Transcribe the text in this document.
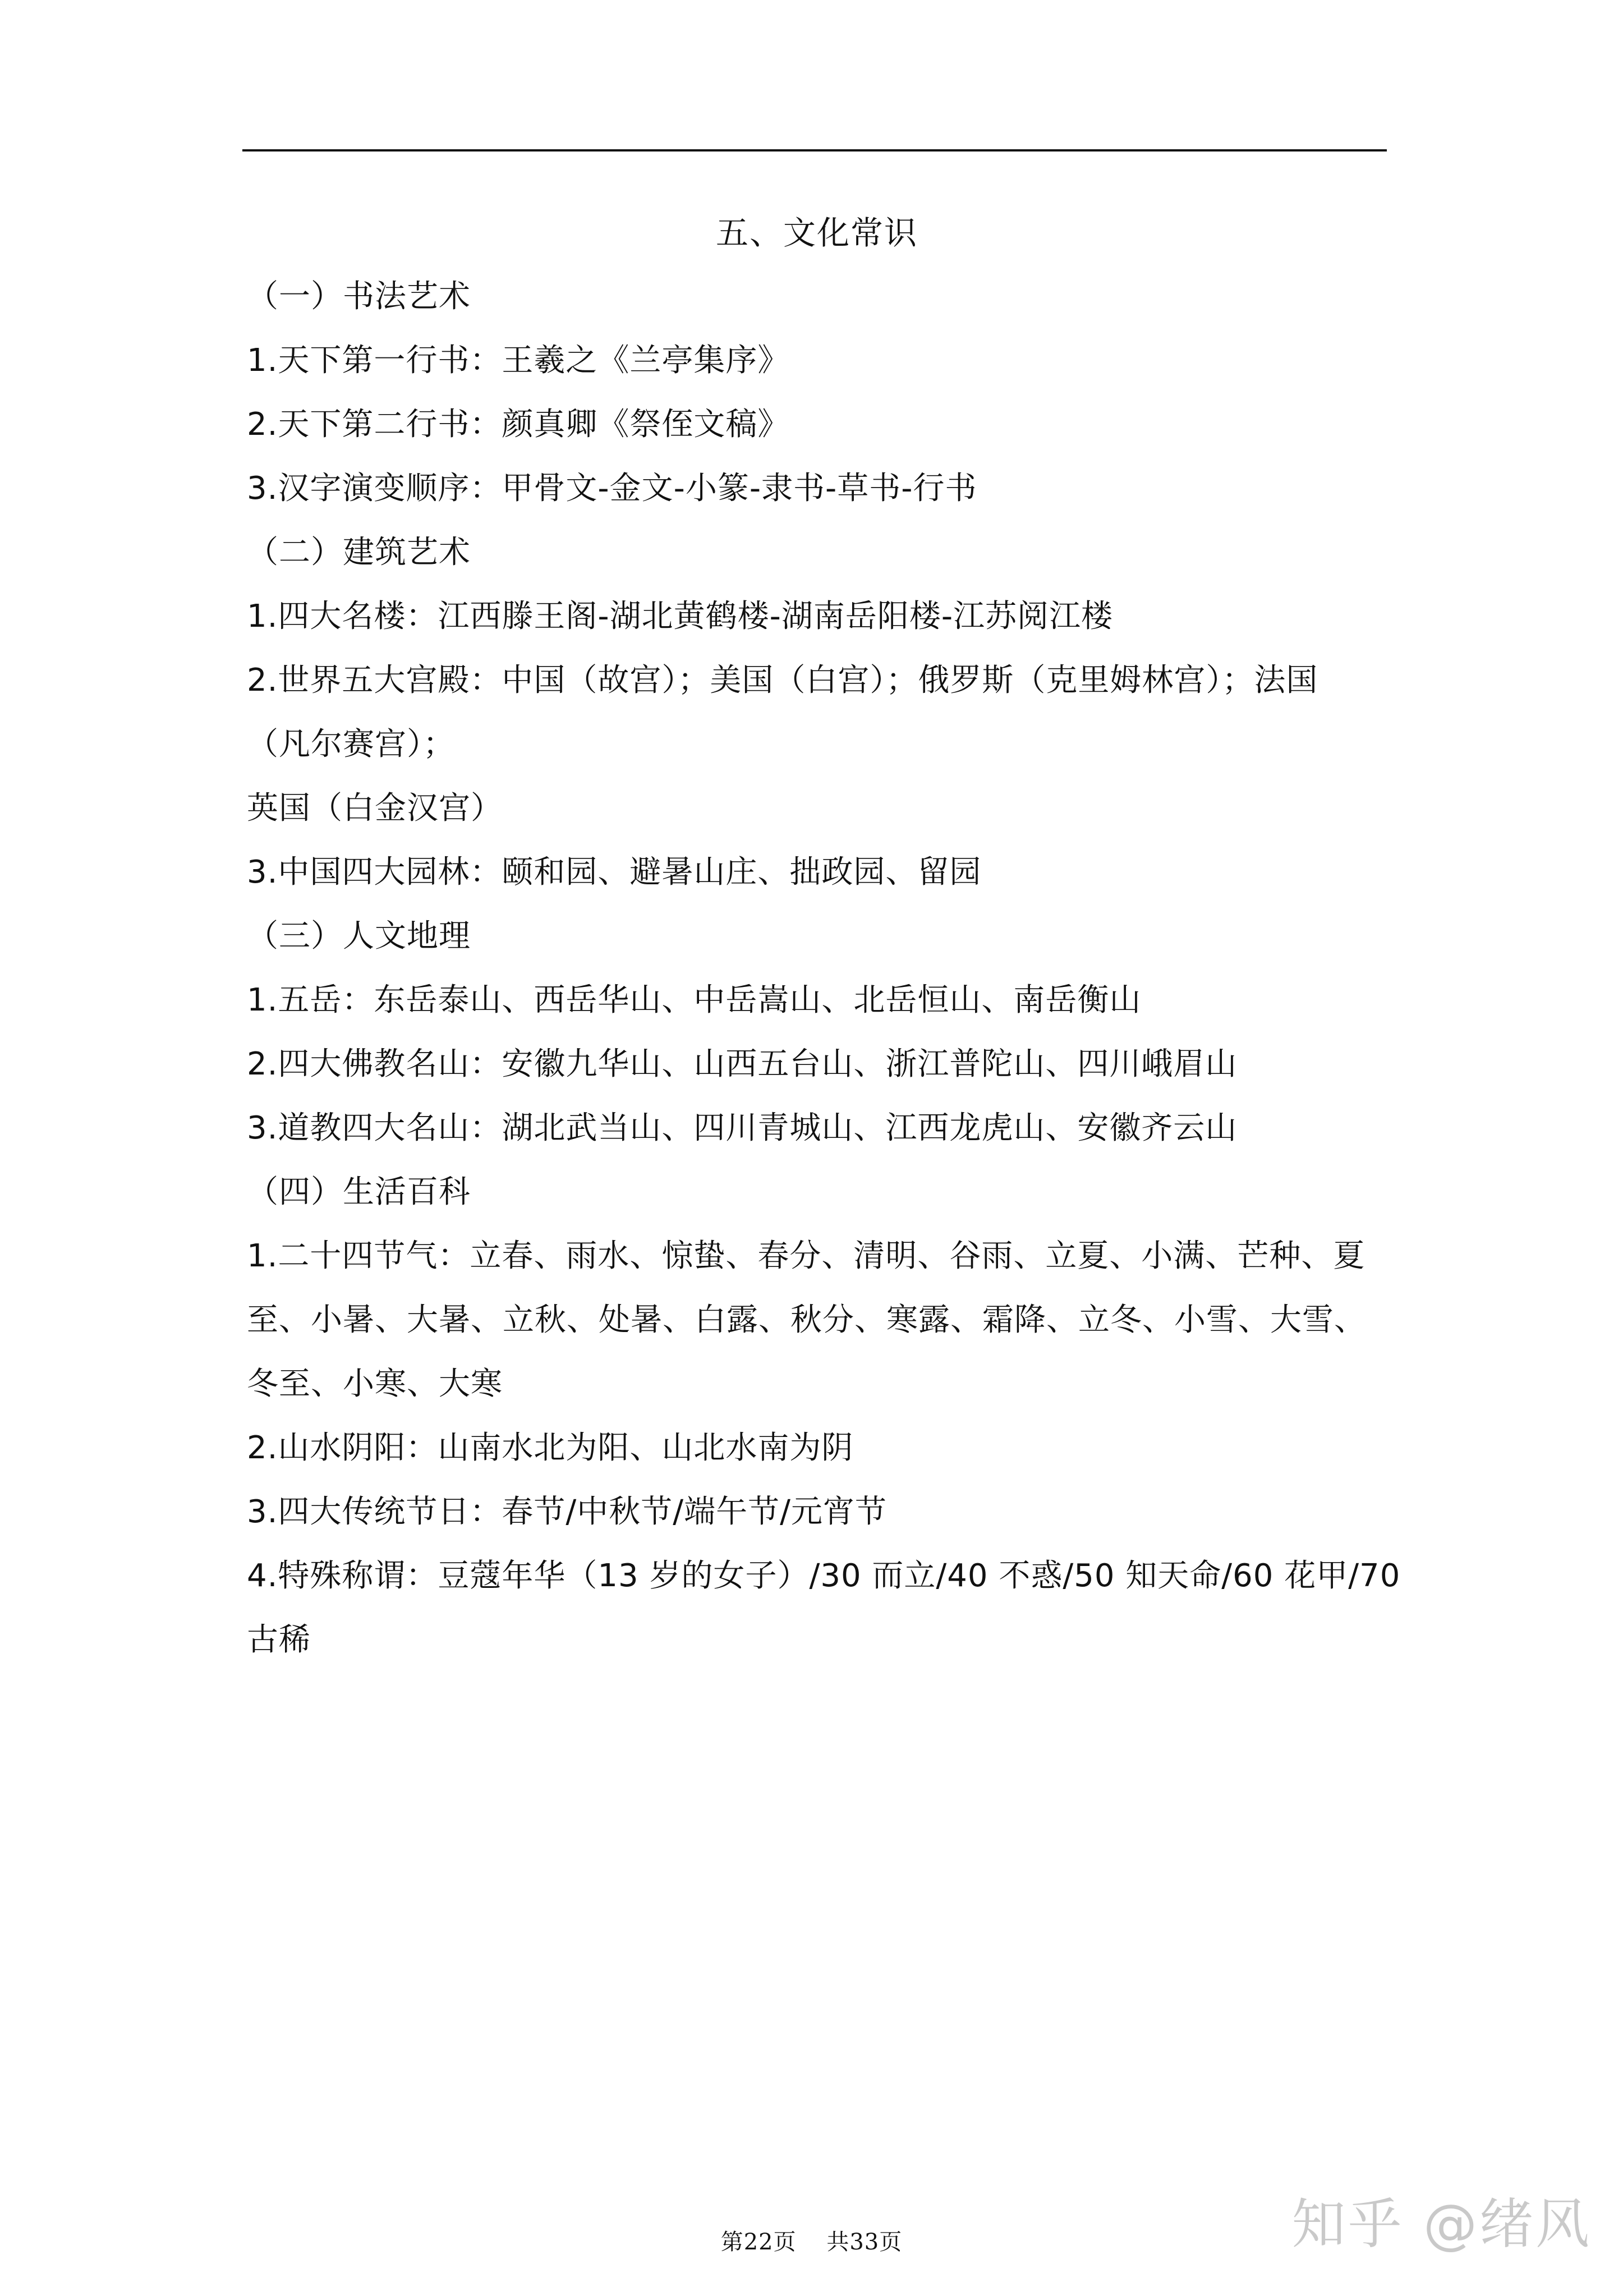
五、文化常识

（一）书法艺术

1.天下第一行书：王羲之《兰亭集序》

2.天下第二行书：颜真卿《祭侄文稿》

3.汉字演变顺序：甲骨文-金文-小篆-隶书-草书-行书

（二）建筑艺术

1.四大名楼：江西滕王阁-湖北黄鹤楼-湖南岳阳楼-江苏阅江楼

2.世界五大宫殿：中国（故宫）；美国（白宫）；俄罗斯（克里姆林宫）；法国

（凡尔赛宫）；

英国（白金汉宫）

3.中国四大园林：颐和园、避暑山庄、拙政园、留园

（三）人文地理

1.五岳：东岳泰山、西岳华山、中岳嵩山、北岳恒山、南岳衡山

2.四大佛教名山：安徽九华山、山西五台山、浙江普陀山、四川峨眉山

3.道教四大名山：湖北武当山、四川青城山、江西龙虎山、安徽齐云山

（四）生活百科

1.二十四节气：立春、雨水、惊蛰、春分、清明、谷雨、立夏、小满、芒种、夏

至、小暑、大暑、立秋、处暑、白露、秋分、寒露、霜降、立冬、小雪、大雪、

冬至、小寒、大寒

2.山水阴阳：山南水北为阳、山北水南为阴

3.四大传统节日：春节/中秋节/端午节/元宵节

4.特殊称谓：豆蔻年华（13 岁的女子）/30 而立/40 不惑/50 知天命/60 花甲/70

古稀

第22页 共33页	知乎 @绪风
